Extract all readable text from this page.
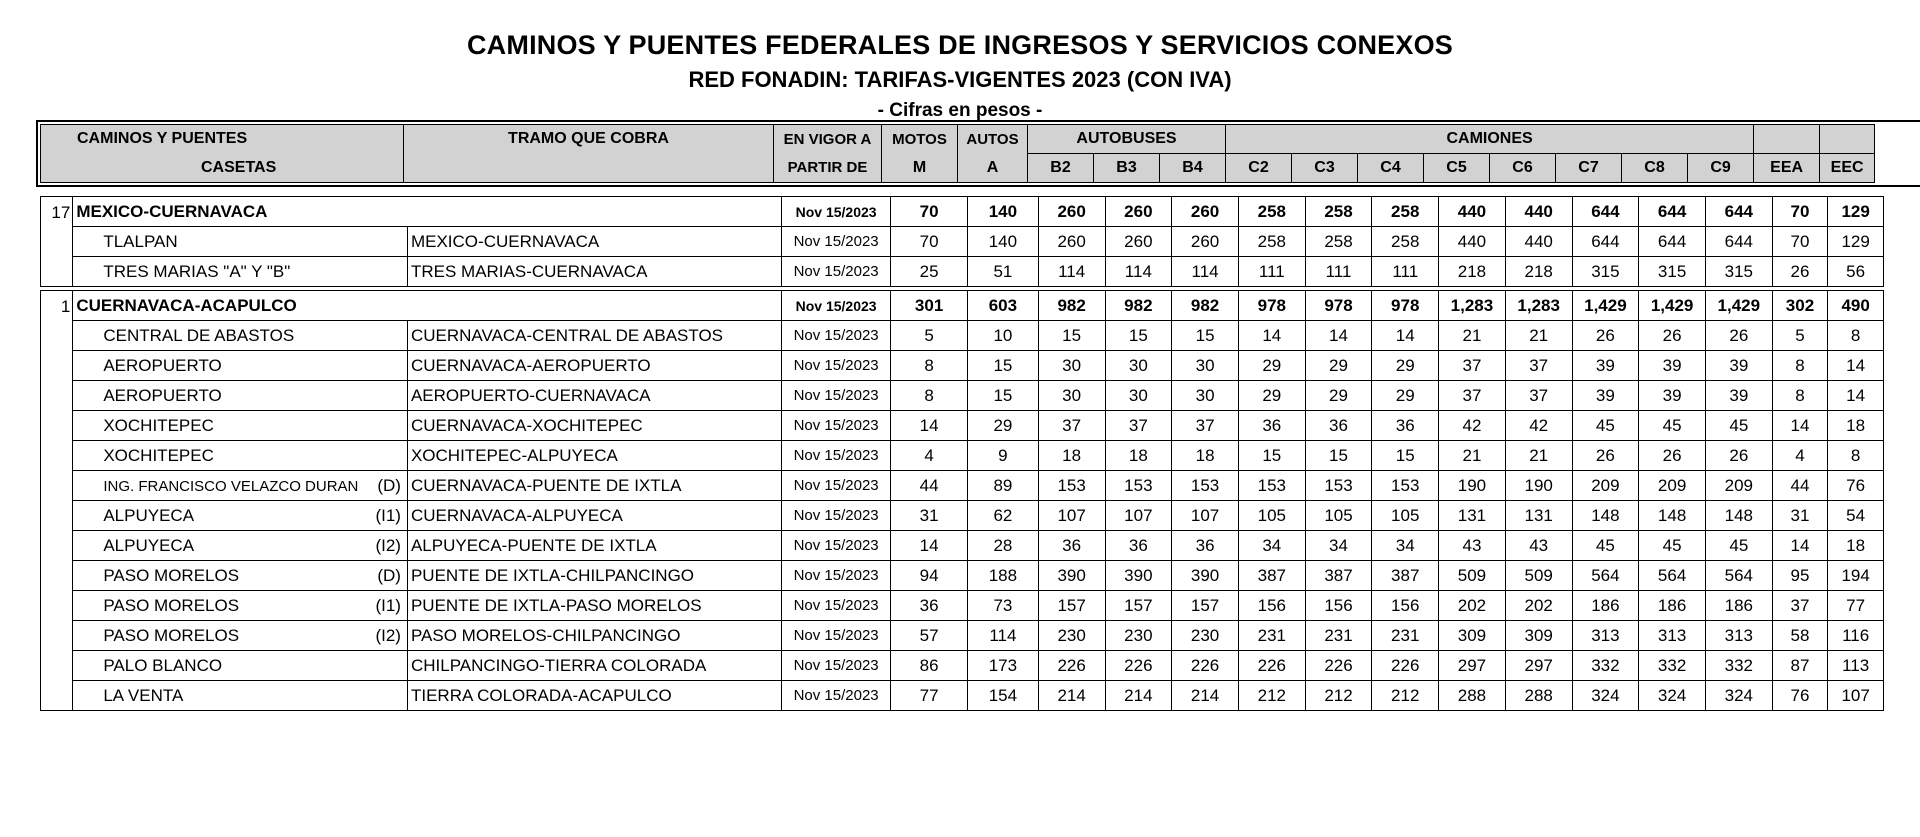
CAMINOS Y PUENTES FEDERALES DE INGRESOS Y SERVICIOS CONEXOS
RED FONADIN: TARIFAS-VIGENTES 2023 (CON IVA)
- Cifras en pesos -
CAMINOS Y PUENTES	TRAMO QUE COBRA	EN VIGOR A	MOTOS	AUTOS	AUTOBUSES			CAMIONES									
CASETAS		PARTIR DE	M	A	B2	B3	B4	C2	C3	C4	C5	C6	C7	C8	C9	EEA	EEC
17	MEXICO-CUERNAVACA		Nov 15/2023	70	140	260	260	260	258	258	258	440	440	644	644	644	70	129
	TLALPAN	MEXICO-CUERNAVACA	Nov 15/2023	70	140	260	260	260	258	258	258	440	440	644	644	644	70	129
	TRES MARIAS "A" Y "B"	TRES MARIAS-CUERNAVACA	Nov 15/2023	25	51	114	114	114	111	111	111	218	218	315	315	315	26	56
1	CUERNAVACA-ACAPULCO		Nov 15/2023	301	603	982	982	982	978	978	978	1,283	1,283	1,429	1,429	1,429	302	490
	CENTRAL DE ABASTOS	CUERNAVACA-CENTRAL DE ABASTOS	Nov 15/2023	5	10	15	15	15	14	14	14	21	21	26	26	26	5	8
	AEROPUERTO	CUERNAVACA-AEROPUERTO	Nov 15/2023	8	15	30	30	30	29	29	29	37	37	39	39	39	8	14
	AEROPUERTO	AEROPUERTO-CUERNAVACA	Nov 15/2023	8	15	30	30	30	29	29	29	37	37	39	39	39	8	14
	XOCHITEPEC	CUERNAVACA-XOCHITEPEC	Nov 15/2023	14	29	37	37	37	36	36	36	42	42	45	45	45	14	18
	XOCHITEPEC	XOCHITEPEC-ALPUYECA	Nov 15/2023	4	9	18	18	18	15	15	15	21	21	26	26	26	4	8
	ING. FRANCISCO VELAZCO DURAN (D)	CUERNAVACA-PUENTE DE IXTLA	Nov 15/2023	44	89	153	153	153	153	153	153	190	190	209	209	209	44	76
	ALPUYECA (I1)	CUERNAVACA-ALPUYECA	Nov 15/2023	31	62	107	107	107	105	105	105	131	131	148	148	148	31	54
	ALPUYECA (I2)	ALPUYECA-PUENTE DE IXTLA	Nov 15/2023	14	28	36	36	36	34	34	34	43	43	45	45	45	14	18
	PASO MORELOS (D)	PUENTE DE IXTLA-CHILPANCINGO	Nov 15/2023	94	188	390	390	390	387	387	387	509	509	564	564	564	95	194
	PASO MORELOS (I1)	PUENTE DE IXTLA-PASO MORELOS	Nov 15/2023	36	73	157	157	157	156	156	156	202	202	186	186	186	37	77
	PASO MORELOS (I2)	PASO MORELOS-CHILPANCINGO	Nov 15/2023	57	114	230	230	230	231	231	231	309	309	313	313	313	58	116
	PALO BLANCO	CHILPANCINGO-TIERRA COLORADA	Nov 15/2023	86	173	226	226	226	226	226	226	297	297	332	332	332	87	113
	LA VENTA	TIERRA COLORADA-ACAPULCO	Nov 15/2023	77	154	214	214	214	212	212	212	288	288	324	324	324	76	107
